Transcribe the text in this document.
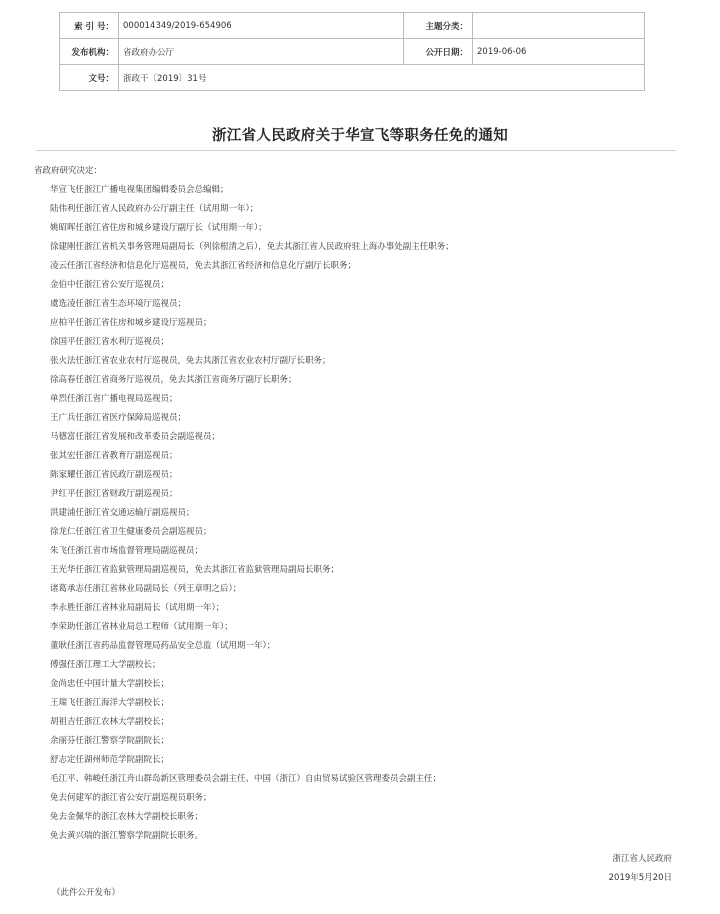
索 引 号：	000014349/2019-654906	主题分类：	
发布机构：	省政府办公厅	公开日期：	2019-06-06
文号：	浙政干〔2019〕31号		
浙江省人民政府关于华宣飞等职务任免的通知
省政府研究决定：
华宣飞任浙江广播电视集团编辑委员会总编辑；
陆伟利任浙江省人民政府办公厅副主任（试用期一年）；
姚昭晖任浙江省住房和城乡建设厅副厅长（试用期一年）；
徐建刚任浙江省机关事务管理局副局长（列徐根清之后），免去其浙江省人民政府驻上海办事处副主任职务；
凌云任浙江省经济和信息化厅巡视员，免去其浙江省经济和信息化厅副厅长职务；
金伯中任浙江省公安厅巡视员；
虞选凌任浙江省生态环境厅巡视员；
应柏平任浙江省住房和城乡建设厅巡视员；
徐国平任浙江省水利厅巡视员；
张火法任浙江省农业农村厅巡视员，免去其浙江省农业农村厅副厅长职务；
徐高春任浙江省商务厅巡视员，免去其浙江省商务厅副厅长职务；
单烈任浙江省广播电视局巡视员；
王广兵任浙江省医疗保障局巡视员；
马德富任浙江省发展和改革委员会副巡视员；
张其宏任浙江省教育厅副巡视员；
陈家耀任浙江省民政厅副巡视员；
尹红平任浙江省财政厅副巡视员；
洪建浦任浙江省交通运输厅副巡视员；
徐龙仁任浙江省卫生健康委员会副巡视员；
朱飞任浙江省市场监督管理局副巡视员；
王光华任浙江省监狱管理局副巡视员，免去其浙江省监狱管理局副局长职务；
诸葛承志任浙江省林业局副局长（列王章明之后）；
李永胜任浙江省林业局副局长（试用期一年）；
李荣助任浙江省林业局总工程师（试用期一年）；
董耿任浙江省药品监督管理局药品安全总监（试用期一年）；
傅强任浙江理工大学副校长；
金尚忠任中国计量大学副校长；
王瑞飞任浙江海洋大学副校长；
胡祖吉任浙江农林大学副校长；
余丽芬任浙江警察学院副院长；
舒志定任湖州师范学院副院长；
毛江平、韩峻任浙江舟山群岛新区管理委员会副主任、中国（浙江）自由贸易试验区管理委员会副主任；
免去何建军的浙江省公安厅副巡视员职务；
免去金佩华的浙江农林大学副校长职务；
免去黄兴瑞的浙江警察学院副院长职务。
浙江省人民政府
2019年5月20日
（此件公开发布）
